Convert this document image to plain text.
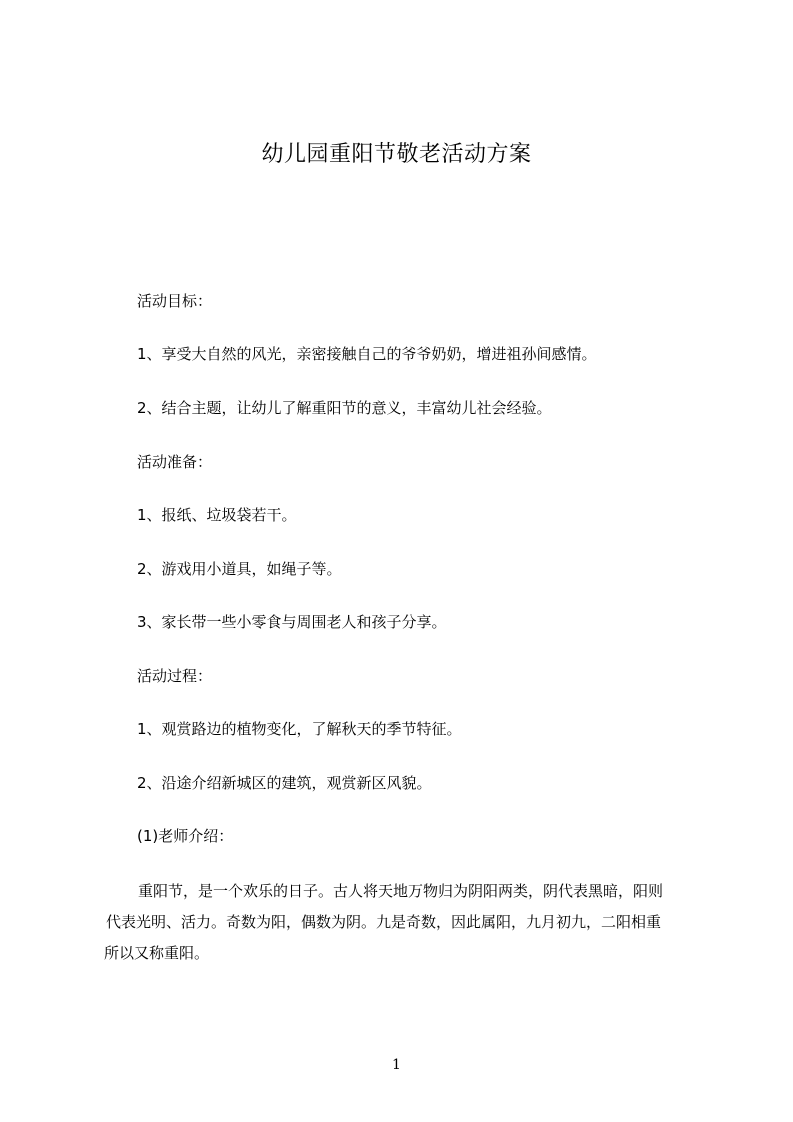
幼儿园重阳节敬老活动方案
活动目标：
1、享受大自然的风光，亲密接触自己的爷爷奶奶，增进祖孙间感情。
2、结合主题，让幼儿了解重阳节的意义，丰富幼儿社会经验。
活动准备：
1、报纸、垃圾袋若干。
2、游戏用小道具，如绳子等。
3、家长带一些小零食与周围老人和孩子分享。
活动过程：
1、观赏路边的植物变化，了解秋天的季节特征。
2、沿途介绍新城区的建筑，观赏新区风貌。
(1)老师介绍：
重阳节，是一个欢乐的日子。古人将天地万物归为阴阳两类，阴代表黑暗，阳则
代表光明、活力。奇数为阳，偶数为阴。九是奇数，因此属阳，九月初九，二阳相重
所以又称重阳。
1
